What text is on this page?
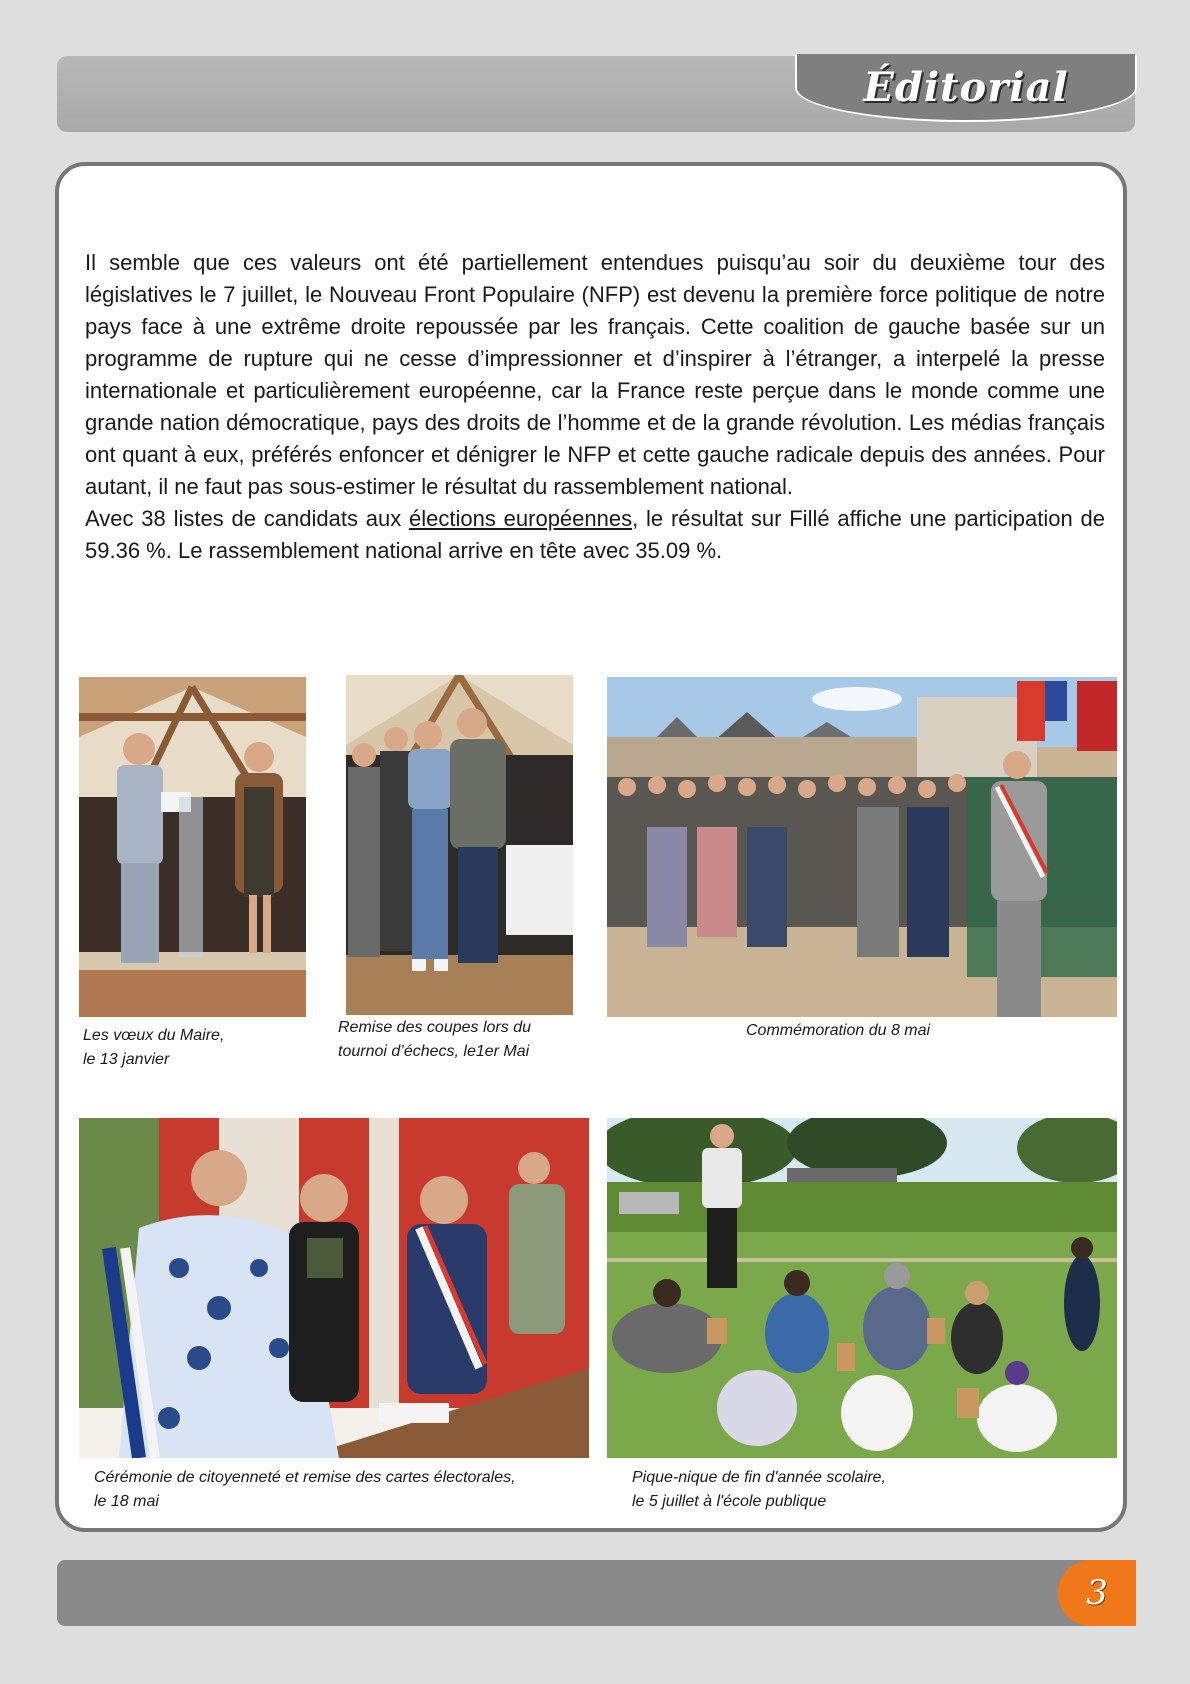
Éditorial

Il semble que ces valeurs ont été partiellement entendues puisqu’au soir du deuxième tour des législatives le 7 juillet, le Nouveau Front Populaire (NFP) est devenu la première force politique de notre pays face à une extrême droite repoussée par les français. Cette coalition de gauche basée sur un programme de rupture qui ne cesse d’impressionner et d’inspirer à l’étranger, a interpelé la presse internationale et particulièrement européenne, car la France reste perçue dans le monde comme une grande nation démocratique, pays des droits de l’homme et de la grande révolution. Les médias français ont quant à eux, préférés enfoncer et dénigrer le NFP et cette gauche radicale depuis des années. Pour autant, il ne faut pas sous-estimer le résultat du rassemblement national.

Avec 38 listes de candidats aux élections européennes, le résultat sur Fillé affiche une participation de 59.36 %. Le rassemblement national arrive en tête avec 35.09 %.

Les vœux du Maire,
le 13 janvier

Remise des coupes lors du
tournoi d’échecs, le1er Mai

Commémoration du 8 mai

Cérémonie de citoyenneté et remise des cartes électorales,
le 18 mai

Pique-nique de fin d'année scolaire,
le 5 juillet à l'école publique

3
